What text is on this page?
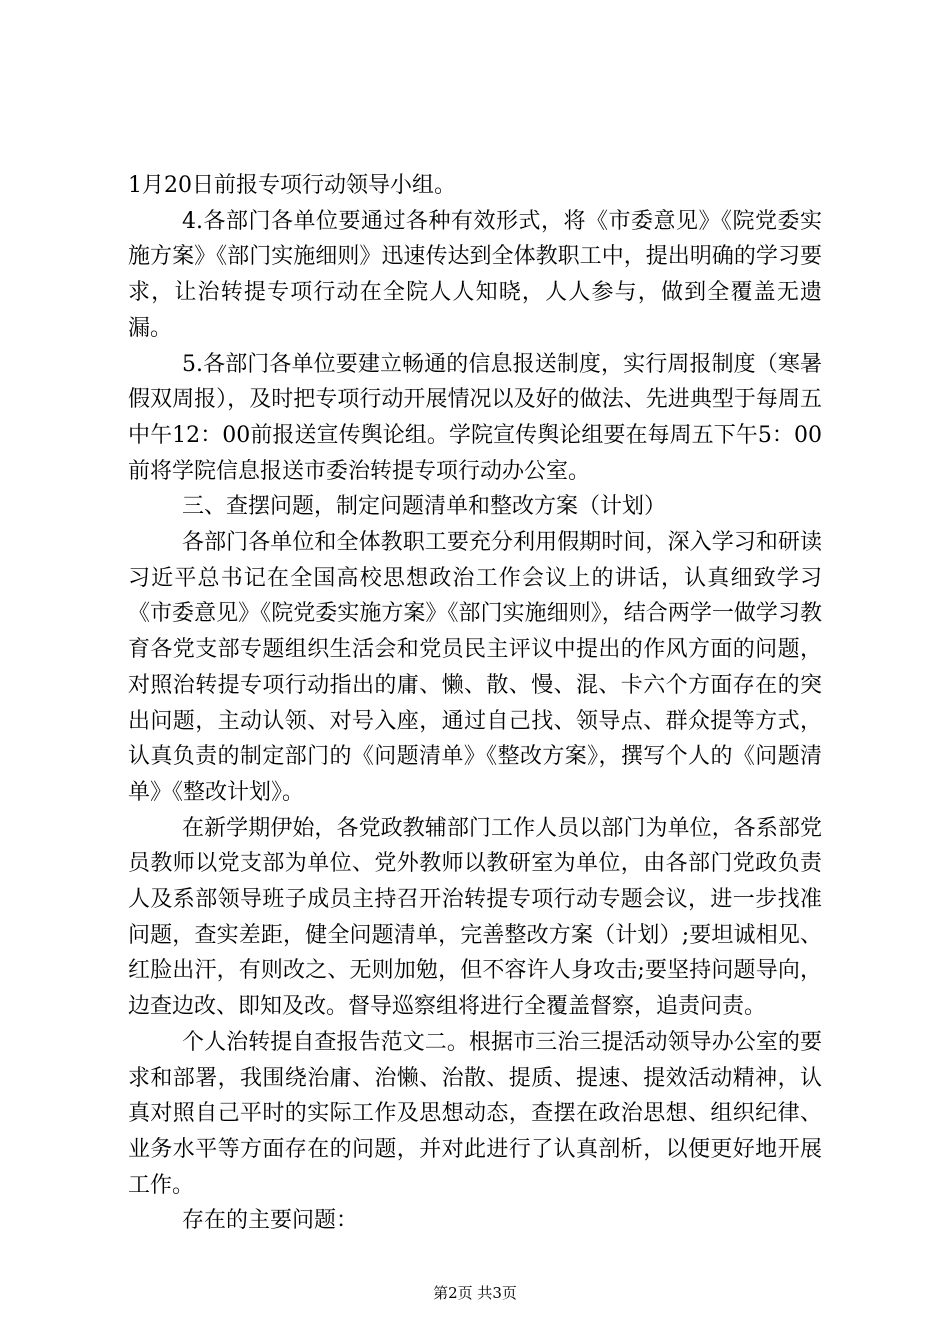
1月20日前报专项行动领导小组。

4.各部门各单位要通过各种有效形式，将《市委意见》《院党委实施方案》《部门实施细则》迅速传达到全体教职工中，提出明确的学习要求，让治转提专项行动在全院人人知晓，人人参与，做到全覆盖无遗漏。

5.各部门各单位要建立畅通的信息报送制度，实行周报制度（寒暑假双周报），及时把专项行动开展情况以及好的做法、先进典型于每周五中午12：00前报送宣传舆论组。学院宣传舆论组要在每周五下午5：00前将学院信息报送市委治转提专项行动办公室。

三、查摆问题，制定问题清单和整改方案（计划）

各部门各单位和全体教职工要充分利用假期时间，深入学习和研读习近平总书记在全国高校思想政治工作会议上的讲话，认真细致学习《市委意见》《院党委实施方案》《部门实施细则》，结合两学一做学习教育各党支部专题组织生活会和党员民主评议中提出的作风方面的问题，对照治转提专项行动指出的庸、懒、散、慢、混、卡六个方面存在的突出问题，主动认领、对号入座，通过自己找、领导点、群众提等方式，认真负责的制定部门的《问题清单》《整改方案》，撰写个人的《问题清单》《整改计划》。

在新学期伊始，各党政教辅部门工作人员以部门为单位，各系部党员教师以党支部为单位、党外教师以教研室为单位，由各部门党政负责人及系部领导班子成员主持召开治转提专项行动专题会议，进一步找准问题，查实差距，健全问题清单，完善整改方案（计划）;要坦诚相见、红脸出汗，有则改之、无则加勉，但不容许人身攻击;要坚持问题导向，边查边改、即知及改。督导巡察组将进行全覆盖督察，追责问责。

个人治转提自查报告范文二。根据市三治三提活动领导办公室的要求和部署，我围绕治庸、治懒、治散、提质、提速、提效活动精神，认真对照自己平时的实际工作及思想动态，查摆在政治思想、组织纪律、业务水平等方面存在的问题，并对此进行了认真剖析，以便更好地开展工作。

存在的主要问题：

第2页 共3页
